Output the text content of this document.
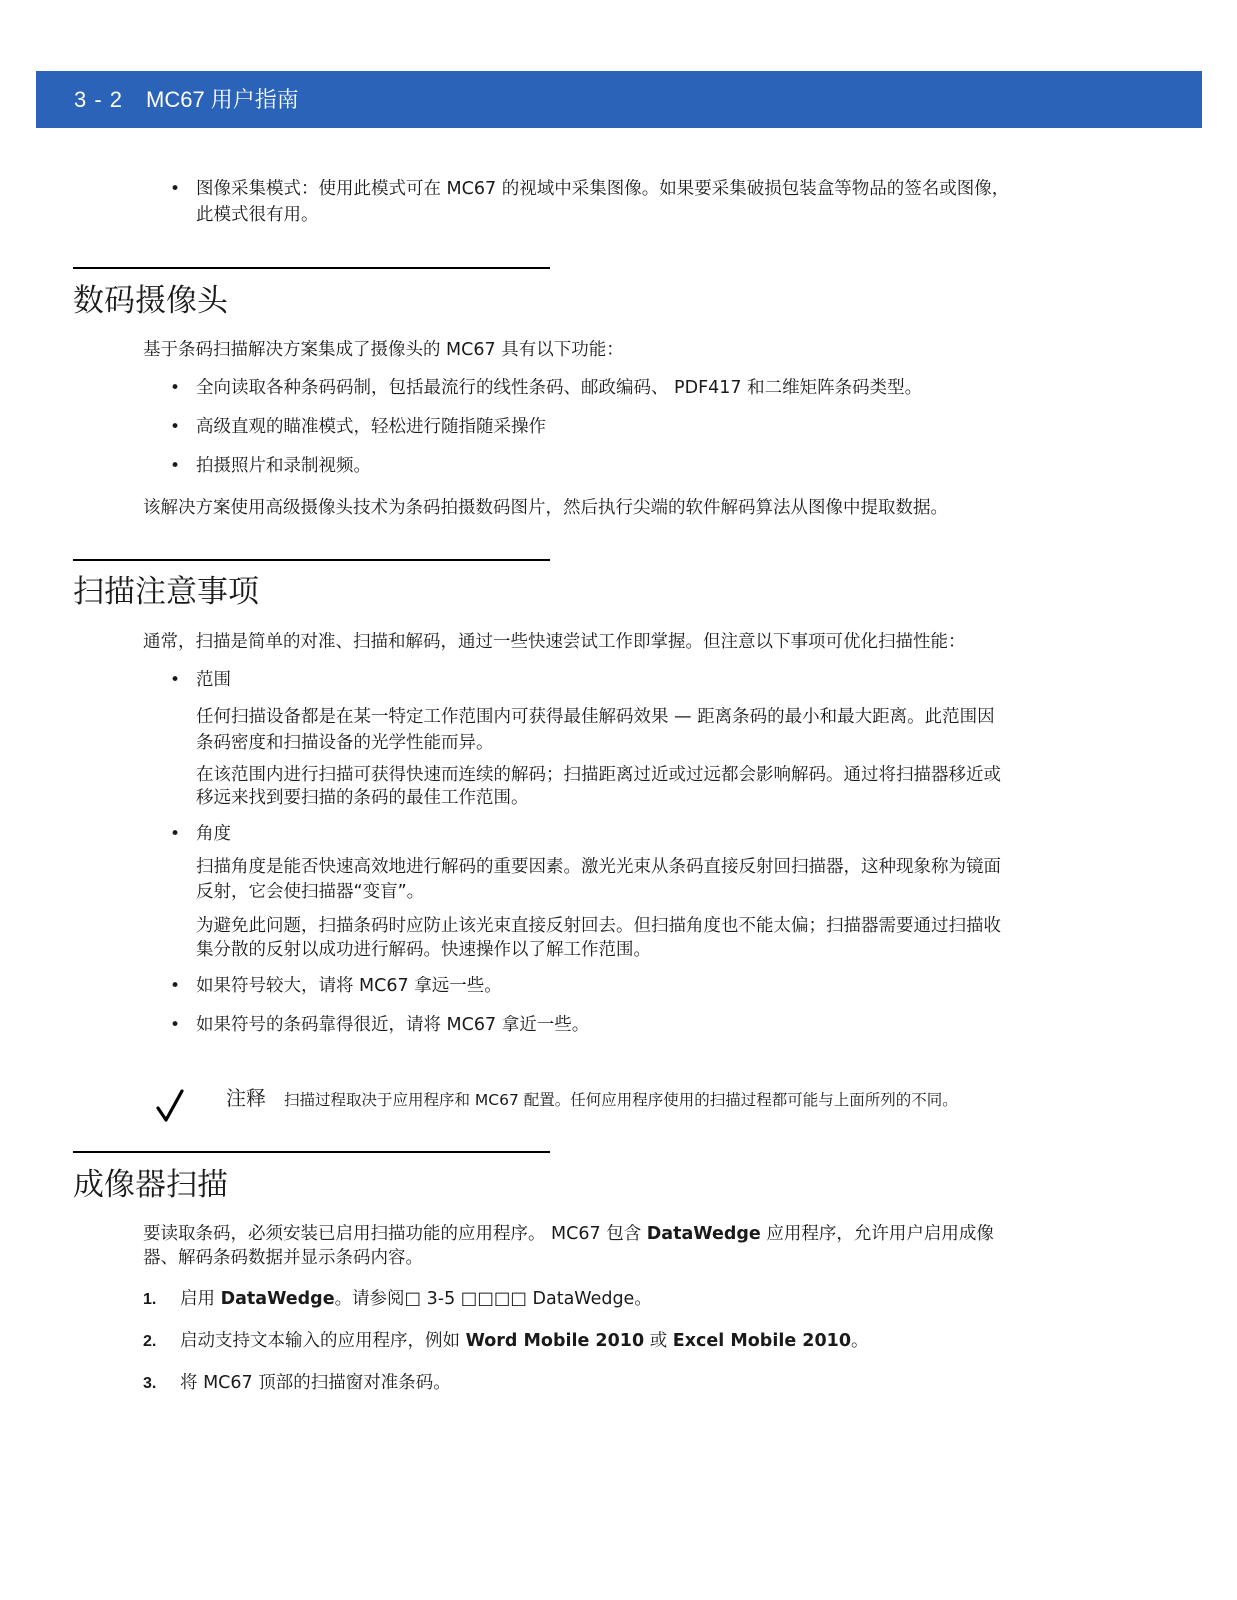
3 - 2 MC67 用户指南
• 图像采集模式：使用此模式可在 MC67 的视域中采集图像。如果要采集破损包装盒等物品的签名或图像，
此模式很有用。
数码摄像头
基于条码扫描解决方案集成了摄像头的 MC67 具有以下功能：
• 全向读取各种条码码制，包括最流行的线性条码、邮政编码、 PDF417 和二维矩阵条码类型。
• 高级直观的瞄准模式，轻松进行随指随采操作
• 拍摄照片和录制视频。
该解决方案使用高级摄像头技术为条码拍摄数码图片，然后执行尖端的软件解码算法从图像中提取数据。
扫描注意事项
通常，扫描是简单的对准、扫描和解码，通过一些快速尝试工作即掌握。但注意以下事项可优化扫描性能：
• 范围
任何扫描设备都是在某一特定工作范围内可获得最佳解码效果 — 距离条码的最小和最大距离。此范围因
条码密度和扫描设备的光学性能而异。
在该范围内进行扫描可获得快速而连续的解码；扫描距离过近或过远都会影响解码。通过将扫描器移近或
移远来找到要扫描的条码的最佳工作范围。
• 角度
扫描角度是能否快速高效地进行解码的重要因素。激光光束从条码直接反射回扫描器，这种现象称为镜面
反射，它会使扫描器“变盲”。
为避免此问题，扫描条码时应防止该光束直接反射回去。但扫描角度也不能太偏；扫描器需要通过扫描收
集分散的反射以成功进行解码。快速操作以了解工作范围。
• 如果符号较大，请将 MC67 拿远一些。
• 如果符号的条码靠得很近，请将 MC67 拿近一些。
注释 扫描过程取决于应用程序和 MC67 配置。任何应用程序使用的扫描过程都可能与上面所列的不同。
成像器扫描
要读取条码，必须安装已启用扫描功能的应用程序。 MC67 包含 DataWedge 应用程序，允许用户启用成像
器、解码条码数据并显示条码内容。
1. 启用 DataWedge。请参阅□ 3-5 □□□□ DataWedge。
2. 启动支持文本输入的应用程序，例如 Word Mobile 2010 或 Excel Mobile 2010。
3. 将 MC67 顶部的扫描窗对准条码。
